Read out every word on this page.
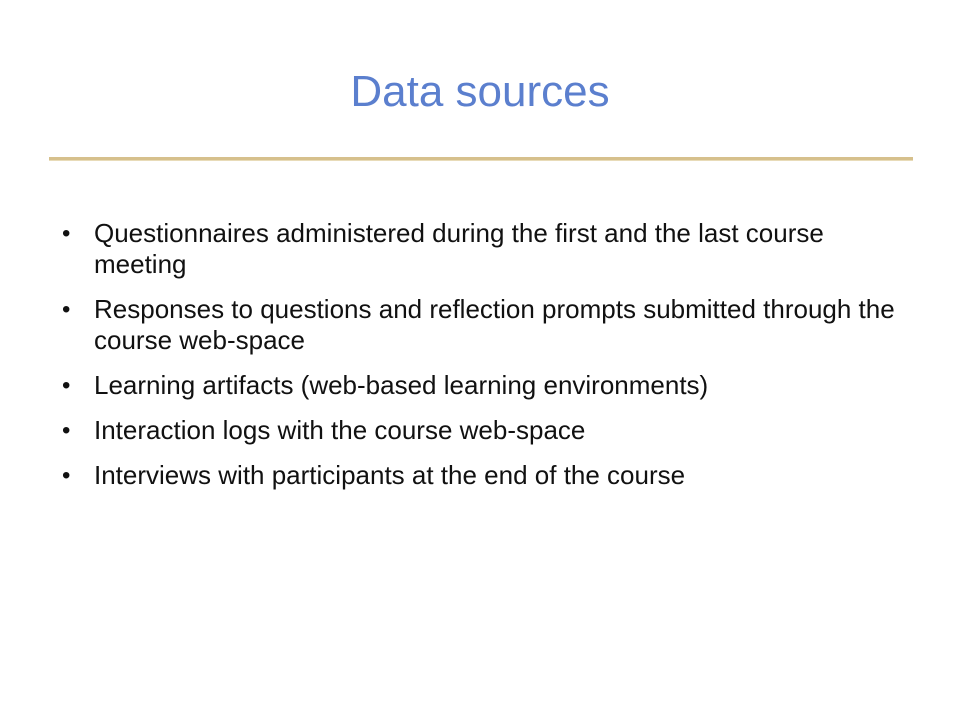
Data sources
• Questionnaires administered during the first and the last course meeting
• Responses to questions and reflection prompts submitted through the course web-space
• Learning artifacts (web-based learning environments)
• Interaction logs with the course web-space
• Interviews with participants at the end of the course
